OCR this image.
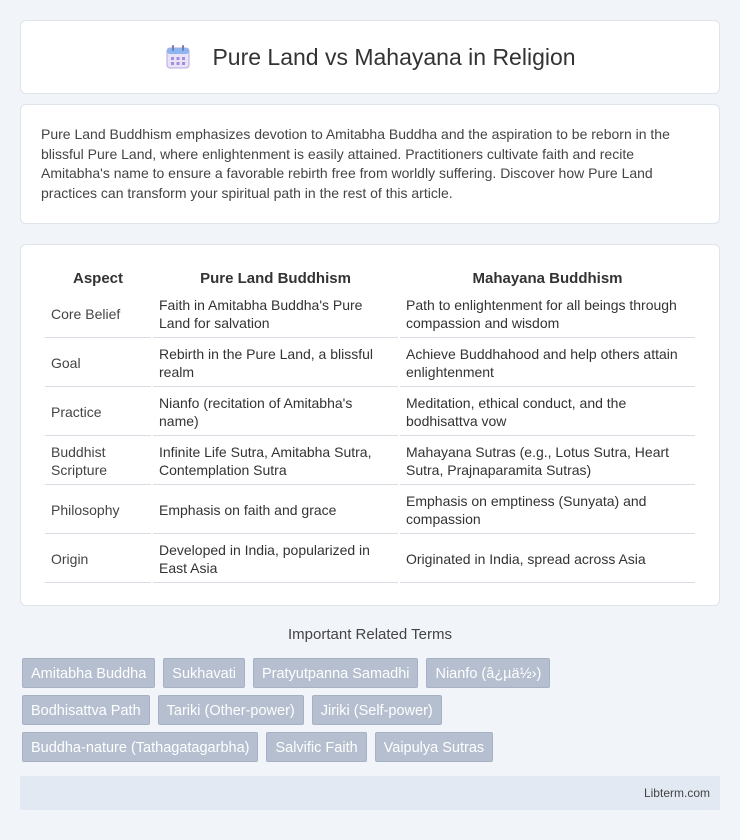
Pure Land vs Mahayana in Religion

Pure Land Buddhism emphasizes devotion to Amitabha Buddha and the aspiration to be reborn in the blissful Pure Land, where enlightenment is easily attained. Practitioners cultivate faith and recite Amitabha's name to ensure a favorable rebirth free from worldly suffering. Discover how Pure Land practices can transform your spiritual path in the rest of this article.

Aspect	Pure Land Buddhism	Mahayana Buddhism
Core Belief	Faith in Amitabha Buddha's Pure Land for salvation	Path to enlightenment for all beings through compassion and wisdom
Goal	Rebirth in the Pure Land, a blissful realm	Achieve Buddhahood and help others attain enlightenment
Practice	Nianfo (recitation of Amitabha's name)	Meditation, ethical conduct, and the bodhisattva vow
Buddhist Scripture	Infinite Life Sutra, Amitabha Sutra, Contemplation Sutra	Mahayana Sutras (e.g., Lotus Sutra, Heart Sutra, Prajnaparamita Sutras)
Philosophy	Emphasis on faith and grace	Emphasis on emptiness (Sunyata) and compassion
Origin	Developed in India, popularized in East Asia	Originated in India, spread across Asia
Important Related Terms
Amitabha Buddha	Sukhavati	Pratyutpanna Samadhi	Nianfo (â¿µä½›)
Bodhisattva Path	Tariki (Other-power)	Jiriki (Self-power)
Buddha-nature (Tathagatagarbha)	Salvific Faith	Vaipulya Sutras
Libterm.com
